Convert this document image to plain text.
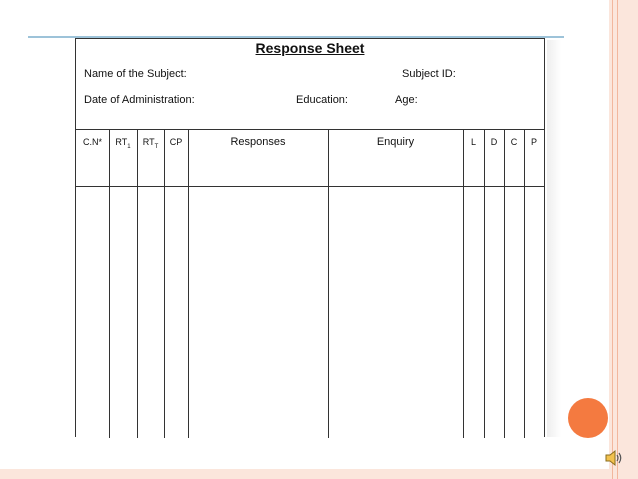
Response Sheet
Name of the Subject:	Subject ID:
Date of Administration:	Education:	Age:
C.N*	$RT_1$	$RT_T$	CP	Responses	Enquiry	L	D	C	P
